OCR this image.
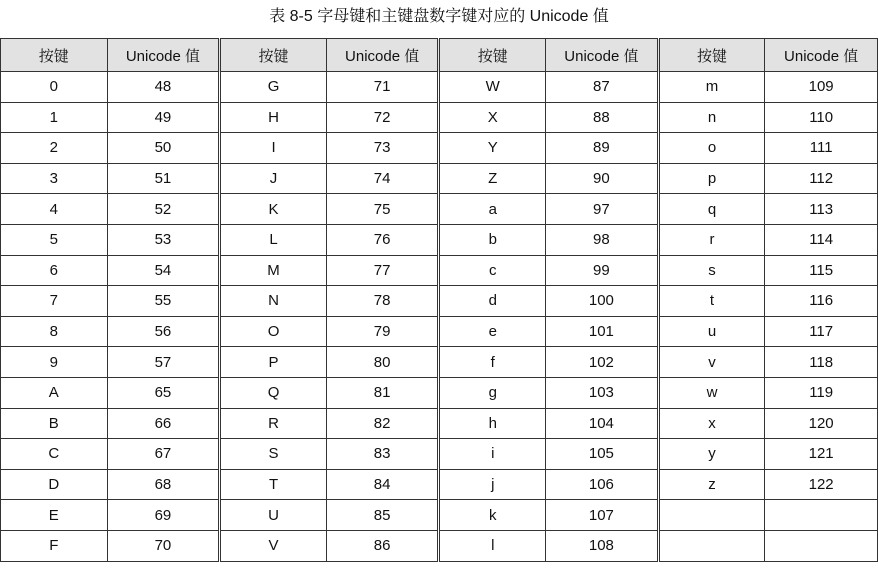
表 8-5 字母键和主键盘数字键对应的 Unicode 值
按键	Unicode 值	按键	Unicode 值	按键	Unicode 值	按键	Unicode 值
0	48	G	71	W	87	m	109
1	49	H	72	X	88	n	110
2	50	I	73	Y	89	o	111
3	51	J	74	Z	90	p	112
4	52	K	75	a	97	q	113
5	53	L	76	b	98	r	114
6	54	M	77	c	99	s	115
7	55	N	78	d	100	t	116
8	56	O	79	e	101	u	117
9	57	P	80	f	102	v	118
A	65	Q	81	g	103	w	119
B	66	R	82	h	104	x	120
C	67	S	83	i	105	y	121
D	68	T	84	j	106	z	122
E	69	U	85	k	107		
F	70	V	86	l	108		
